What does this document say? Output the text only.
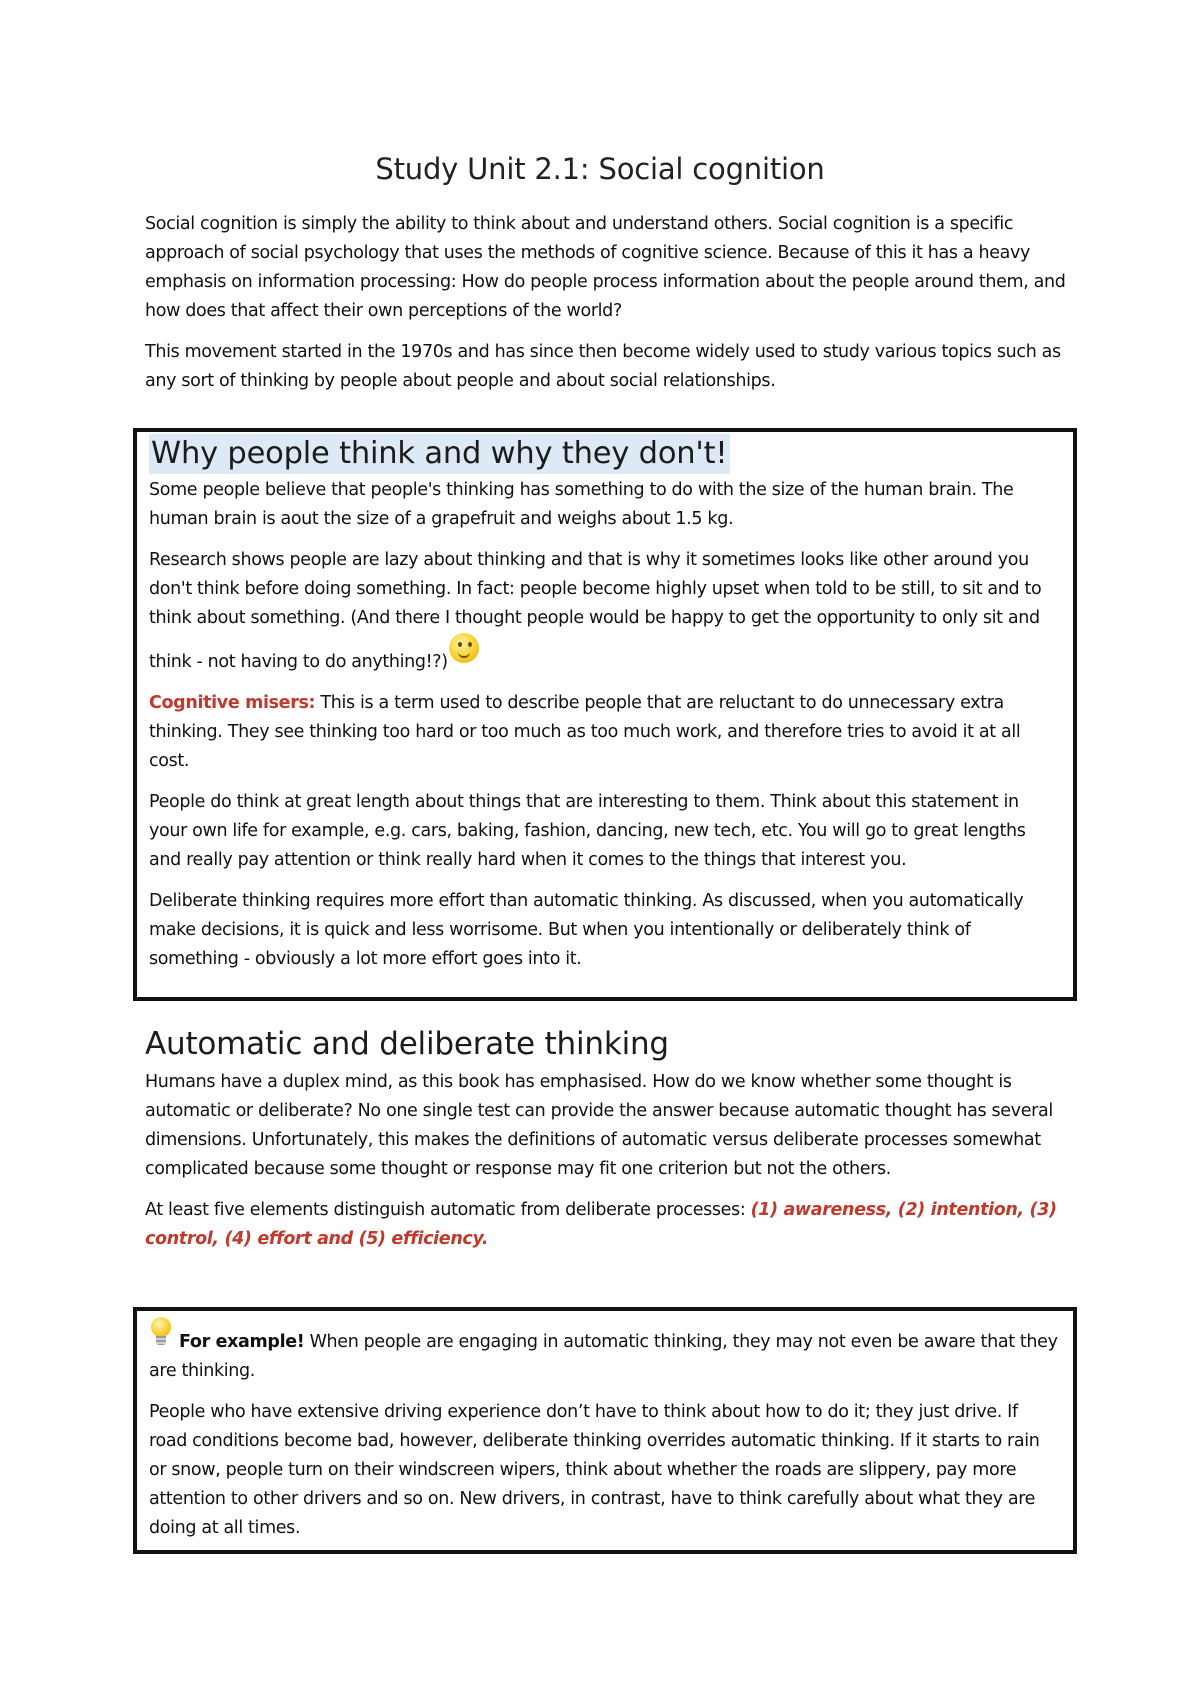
Study Unit 2.1: Social cognition

Social cognition is simply the ability to think about and understand others. Social cognition is a specific approach of social psychology that uses the methods of cognitive science. Because of this it has a heavy emphasis on information processing: How do people process information about the people around them, and how does that affect their own perceptions of the world?

This movement started in the 1970s and has since then become widely used to study various topics such as any sort of thinking by people about people and about social relationships.

Why people think and why they don't!

Some people believe that people's thinking has something to do with the size of the human brain. The human brain is aout the size of a grapefruit and weighs about 1.5 kg.

Research shows people are lazy about thinking and that is why it sometimes looks like other around you don't think before doing something. In fact: people become highly upset when told to be still, to sit and to think about something. (And there I thought people would be happy to get the opportunity to only sit and think - not having to do anything!?)

Cognitive misers: This is a term used to describe people that are reluctant to do unnecessary extra thinking. They see thinking too hard or too much as too much work, and therefore tries to avoid it at all cost.

People do think at great length about things that are interesting to them. Think about this statement in your own life for example, e.g. cars, baking, fashion, dancing, new tech, etc. You will go to great lengths and really pay attention or think really hard when it comes to the things that interest you.

Deliberate thinking requires more effort than automatic thinking. As discussed, when you automatically make decisions, it is quick and less worrisome. But when you intentionally or deliberately think of something - obviously a lot more effort goes into it.

Automatic and deliberate thinking

Humans have a duplex mind, as this book has emphasised. How do we know whether some thought is automatic or deliberate? No one single test can provide the answer because automatic thought has several dimensions. Unfortunately, this makes the definitions of automatic versus deliberate processes somewhat complicated because some thought or response may fit one criterion but not the others.

At least five elements distinguish automatic from deliberate processes: (1) awareness, (2) intention, (3) control, (4) effort and (5) efficiency.

For example! When people are engaging in automatic thinking, they may not even be aware that they are thinking.

People who have extensive driving experience don’t have to think about how to do it; they just drive. If road conditions become bad, however, deliberate thinking overrides automatic thinking. If it starts to rain or snow, people turn on their windscreen wipers, think about whether the roads are slippery, pay more attention to other drivers and so on. New drivers, in contrast, have to think carefully about what they are doing at all times.
